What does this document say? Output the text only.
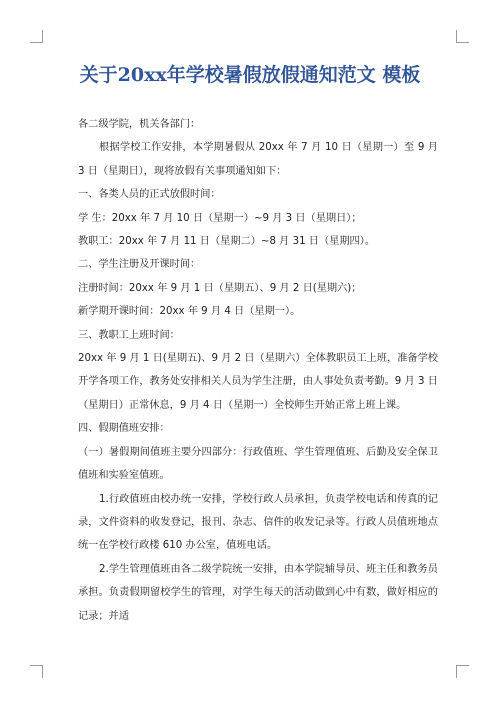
关于20xx年学校暑假放假通知范文 模板

各二级学院，机关各部门：

根据学校工作安排，本学期暑假从 20xx 年 7 月 10 日（星期一）至 9 月 3 日（星期日），现将放假有关事项通知如下：

一、各类人员的正式放假时间：

学 生：20xx 年 7 月 10 日（星期一）~9 月 3 日（星期日）；

教职工：20xx 年 7 月 11 日（星期二）~8 月 31 日（星期四）。

二、学生注册及开课时间：

注册时间：20xx 年 9 月 1 日（星期五）、9 月 2 日(星期六)；

新学期开课时间：20xx 年 9 月 4 日（星期一）。

三、教职工上班时间：

20xx 年 9 月 1 日(星期五)、9 月 2 日（星期六）全体教职员工上班，准备学校开学各项工作，教务处安排相关人员为学生注册，由人事处负责考勤。9 月 3 日（星期日）正常休息，9 月 4 日（星期一）全校师生开始正常上班上课。

四、假期值班安排：

（一）暑假期间值班主要分四部分：行政值班、学生管理值班、后勤及安全保卫值班和实验室值班。

1.行政值班由校办统一安排，学校行政人员承担，负责学校电话和传真的记录，文件资料的收发登记，报刊、杂志、信件的收发记录等。行政人员值班地点统一在学校行政楼 610 办公室，值班电话。

2.学生管理值班由各二级学院统一安排，由本学院辅导员、班主任和教务员承担。负责假期留校学生的管理，对学生每天的活动做到心中有数，做好相应的记录；并适
